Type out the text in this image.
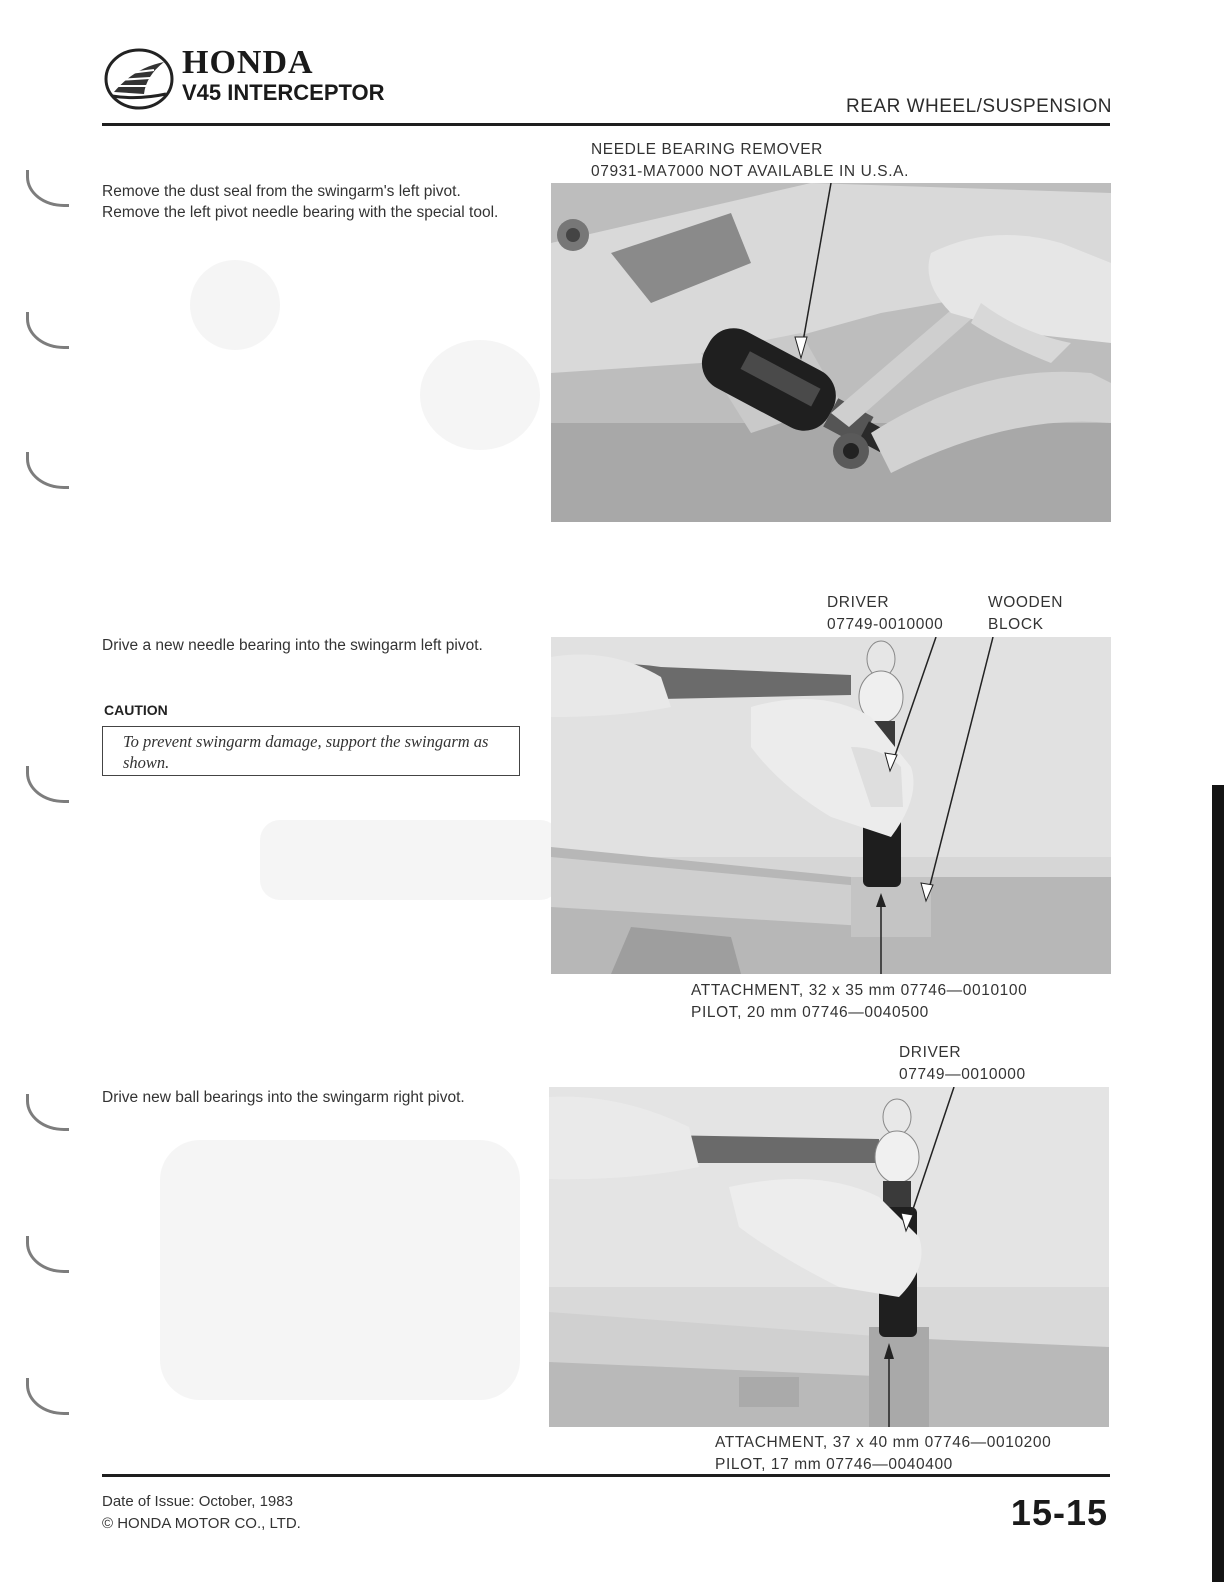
HONDA
V45 INTERCEPTOR
REAR WHEEL/SUSPENSION

Remove the dust seal from the swingarm's left pivot.

Remove the left pivot needle bearing with the special tool.

NEEDLE BEARING REMOVER
07931-MA7000 NOT AVAILABLE IN U.S.A.
Drive a new needle bearing into the swingarm left pivot.
CAUTION
To prevent swingarm damage, support the swingarm as shown.
DRIVER
07749-0010000
WOODEN
BLOCK
ATTACHMENT, 32 x 35 mm 07746—0010100
PILOT, 20 mm 07746—0040500
Drive new ball bearings into the swingarm right pivot.
DRIVER
07749—0010000
ATTACHMENT, 37 x 40 mm 07746—0010200
PILOT, 17 mm 07746—0040400
Date of Issue: October, 1983
© HONDA MOTOR CO., LTD.	15-15
